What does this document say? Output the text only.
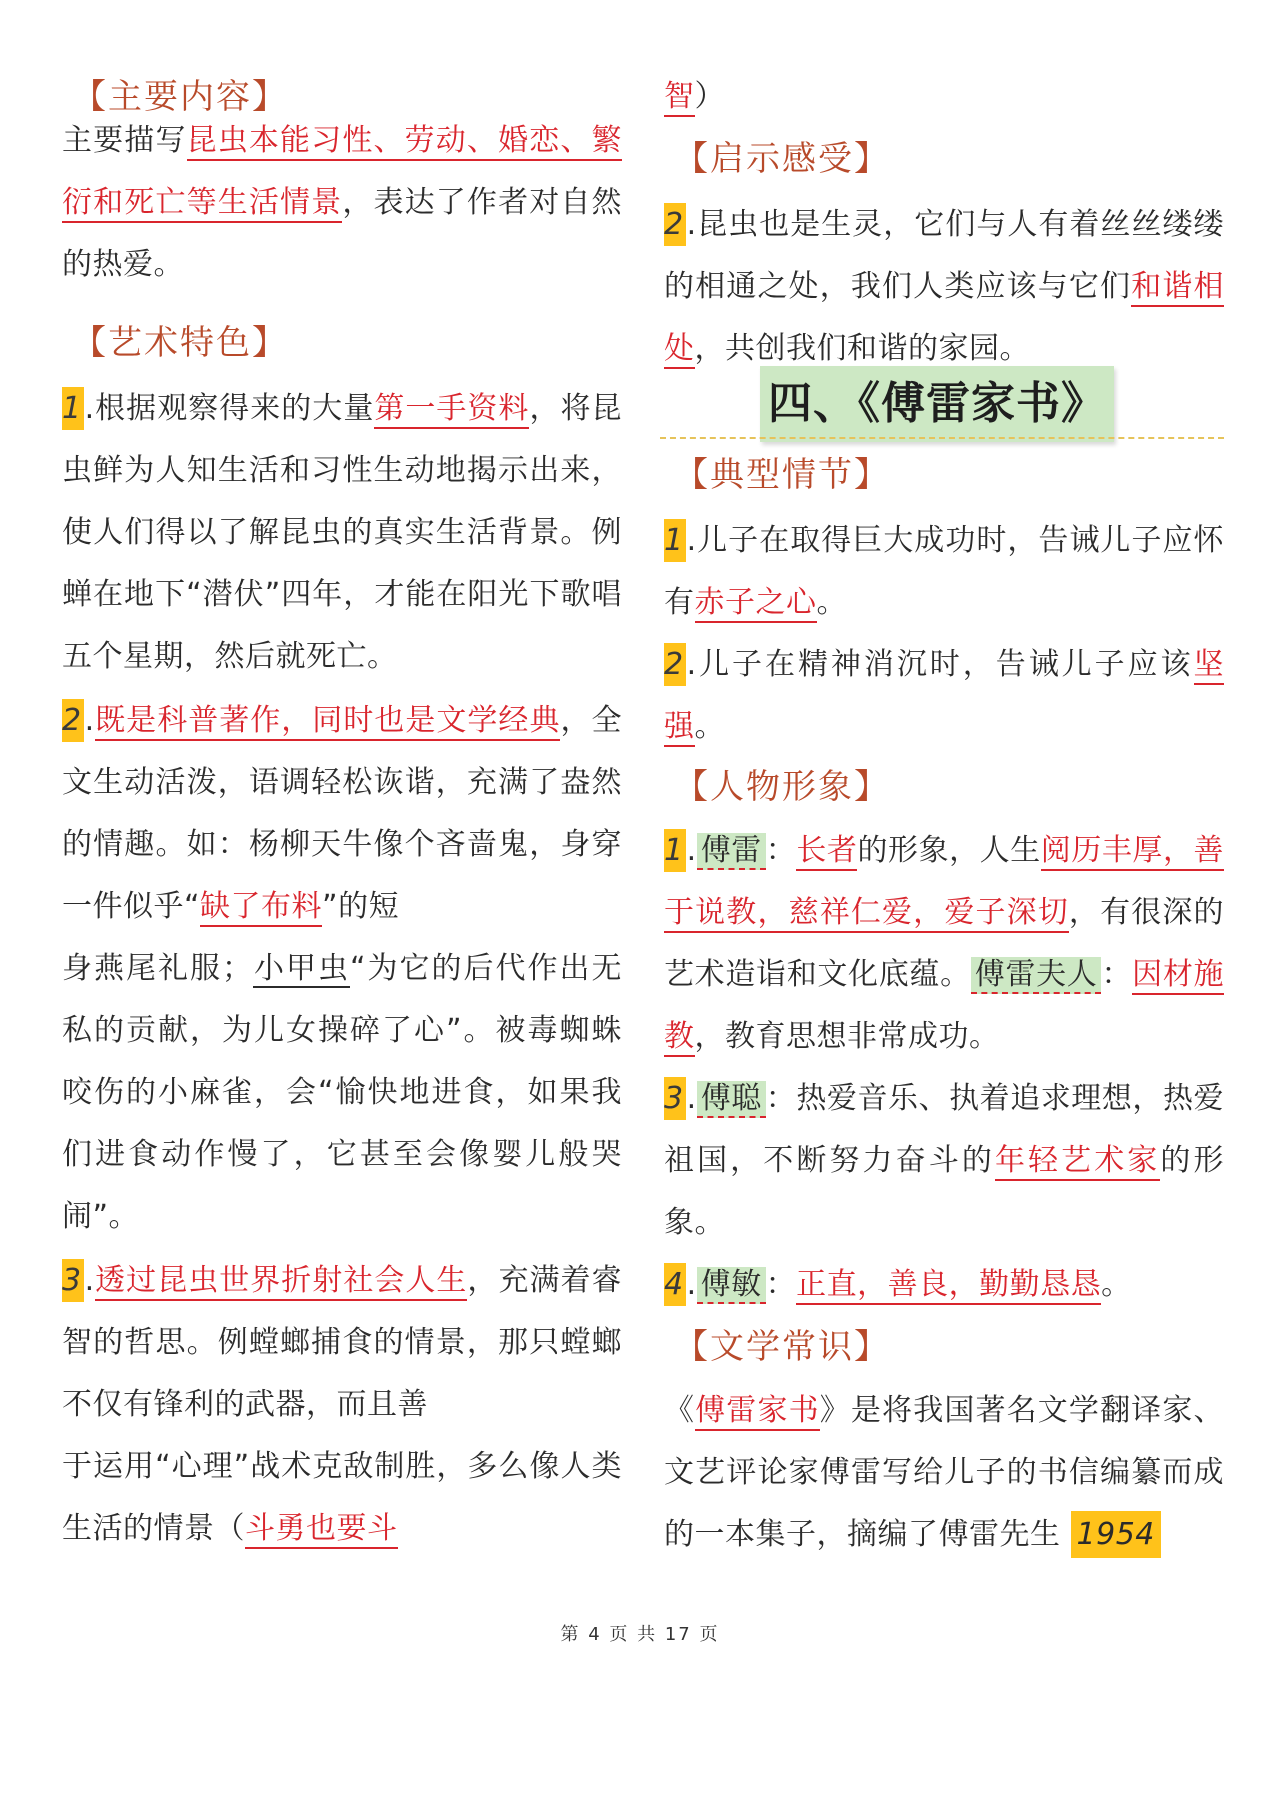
【主要内容】

主要描写昆虫本能习性、劳动、婚恋、繁衍和死亡等生活情景，表达了作者对自然的热爱。

【艺术特色】

1 .根据观察得来的大量第一手资料，将昆虫鲜为人知生活和习性生动地揭示出来，使人们得以了解昆虫的真实生活背景。例蝉在地下“潜伏”四年，才能在阳光下歌唱五个星期，然后就死亡。

2 .既是科普著作，同时也是文学经典，全文生动活泼，语调轻松诙谐，充满了盎然的情趣。如：杨柳天牛像个吝啬鬼，身穿一件似乎“缺了布料”的短

身燕尾礼服；小甲虫“为它的后代作出无私的贡献，为儿女操碎了心”。被毒蜘蛛咬伤的小麻雀，会“愉快地进食，如果我们进食动作慢了，它甚至会像婴儿般哭闹”。

3 .透过昆虫世界折射社会人生，充满着睿智的哲思。例螳螂捕食的情景，那只螳螂不仅有锋利的武器，而且善

于运用“心理”战术克敌制胜，多么像人类生活的情景（斗勇也要斗

智）

【启示感受】

2 .昆虫也是生灵，它们与人有着丝丝缕缕的相通之处，我们人类应该与它们和谐相处，共创我们和谐的家园。

四、《傅雷家书》
【典型情节】

1 .儿子在取得巨大成功时，告诫儿子应怀有赤子之心。

2 .儿子在精神消沉时，告诫儿子应该坚强。

【人物形象】

1 . 傅雷 ：长者的形象，人生阅历丰厚，善于说教，慈祥仁爱，爱子深切，有很深的艺术造诣和文化底蕴。 傅雷夫人 ：因材施教，教育思想非常成功。

3 . 傅聪 ：热爱音乐、执着追求理想，热爱祖国，不断努力奋斗的年轻艺术家的形象。

4 . 傅敏 ：正直，善良，勤勤恳恳。

【文学常识】

《傅雷家书》是将我国著名文学翻译家、文艺评论家傅雷写给儿子的书信编纂而成的一本集子，摘编了傅雷先生 1954

第 4 页 共 17 页
